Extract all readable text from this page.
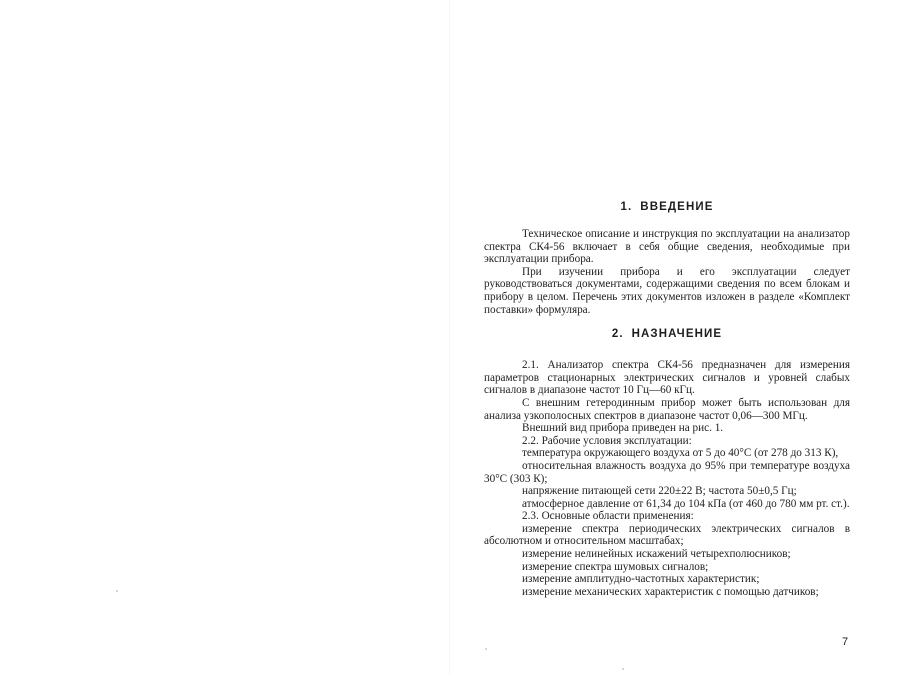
1. ВВЕДЕНИЕ

Техническое описание и инструкция по эксплуатации на анализатор спектра СК4-56 включает в себя общие сведения, необходимые при эксплуатации прибора.

При изучении прибора и его эксплуатации следует руководствоваться документами, содержащими сведения по всем блокам и прибору в целом. Перечень этих документов изложен в разделе «Комплект поставки» формуляра.

2. НАЗНАЧЕНИЕ

2.1. Анализатор спектра СК4-56 предназначен для измерения параметров стационарных электрических сигналов и уровней слабых сигналов в диапазоне частот 10 Гц—60 кГц.

С внешним гетеродинным прибор может быть использован для анализа узкополосных спектров в диапазоне частот 0,06—300 МГц.

Внешний вид прибора приведен на рис. 1.

2.2. Рабочие условия эксплуатации:

температура окружающего воздуха от 5 до 40°С (от 278 до 313 К),

относительная влажность воздуха до 95% при температуре воздуха 30°С (303 К);

напряжение питающей сети 220±22 В; частота 50±0,5 Гц;

атмосферное давление от 61,34 до 104 кПа (от 460 до 780 мм рт. ст.).

2.3. Основные области применения:

измерение спектра периодических электрических сигналов в абсолютном и относительном масштабах;

измерение нелинейных искажений четырехполюсников;

измерение спектра шумовых сигналов;

измерение амплитудно-частотных характеристик;

измерение механических характеристик с помощью датчиков;

7
